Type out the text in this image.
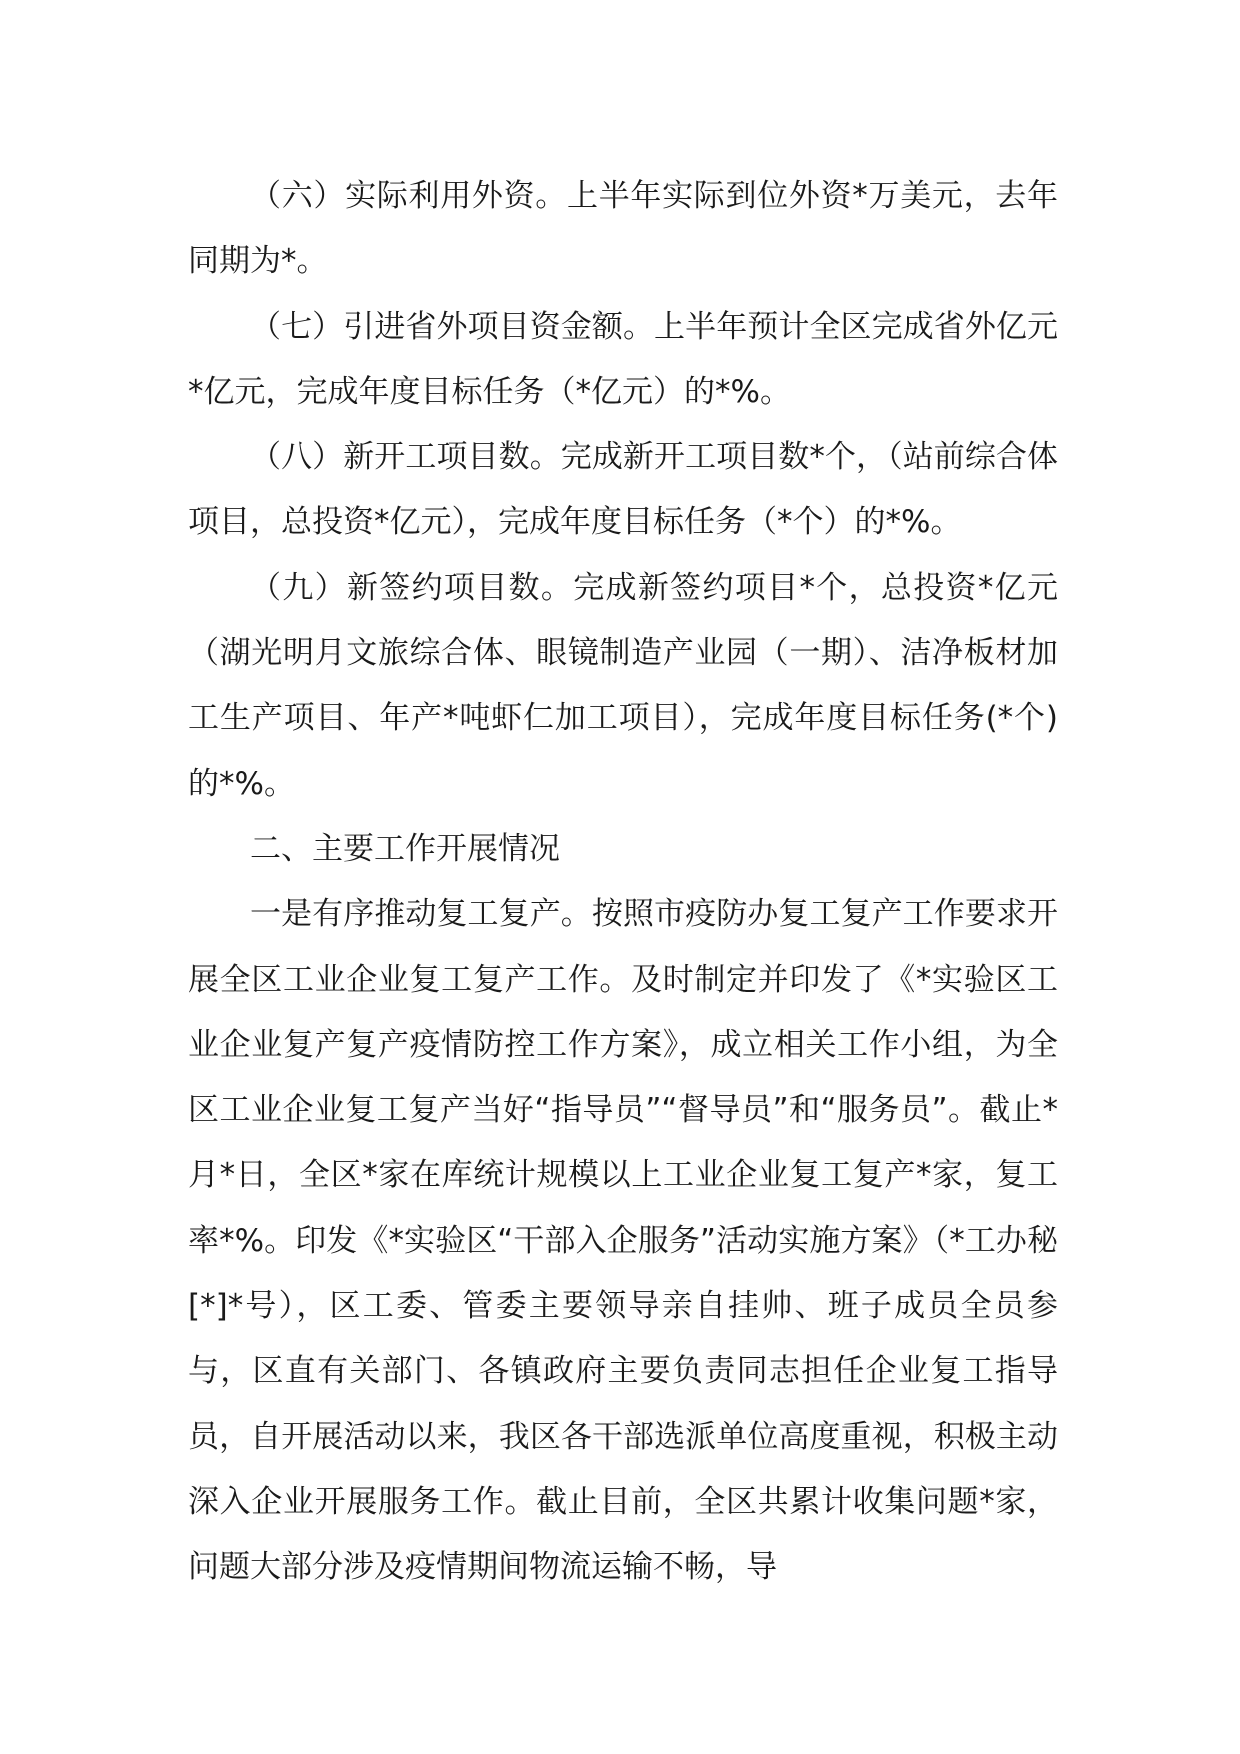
（六）实际利用外资。上半年实际到位外资*万美元，去年同期为*。

（七）引进省外项目资金额。上半年预计全区完成省外亿元*亿元，完成年度目标任务（*亿元）的*%。

（八）新开工项目数。完成新开工项目数*个，（站前综合体项目，总投资*亿元），完成年度目标任务（*个）的*%。

（九）新签约项目数。完成新签约项目*个，总投资*亿元（湖光明月文旅综合体、眼镜制造产业园（一期）、洁净板材加工生产项目、年产*吨虾仁加工项目），完成年度目标任务(*个)的*%。

二、主要工作开展情况

一是有序推动复工复产。按照市疫防办复工复产工作要求开展全区工业企业复工复产工作。及时制定并印发了《*实验区工业企业复产复产疫情防控工作方案》，成立相关工作小组，为全区工业企业复工复产当好“指导员”“督导员”和“服务员”。截止*月*日，全区*家在库统计规模以上工业企业复工复产*家，复工率*%。印发《*实验区“干部入企服务”活动实施方案》（*工办秘[*]*号），区工委、管委主要领导亲自挂帅、班子成员全员参与，区直有关部门、各镇政府主要负责同志担任企业复工指导员，自开展活动以来，我区各干部选派单位高度重视，积极主动深入企业开展服务工作。截止目前，全区共累计收集问题*家，问题大部分涉及疫情期间物流运输不畅，导
